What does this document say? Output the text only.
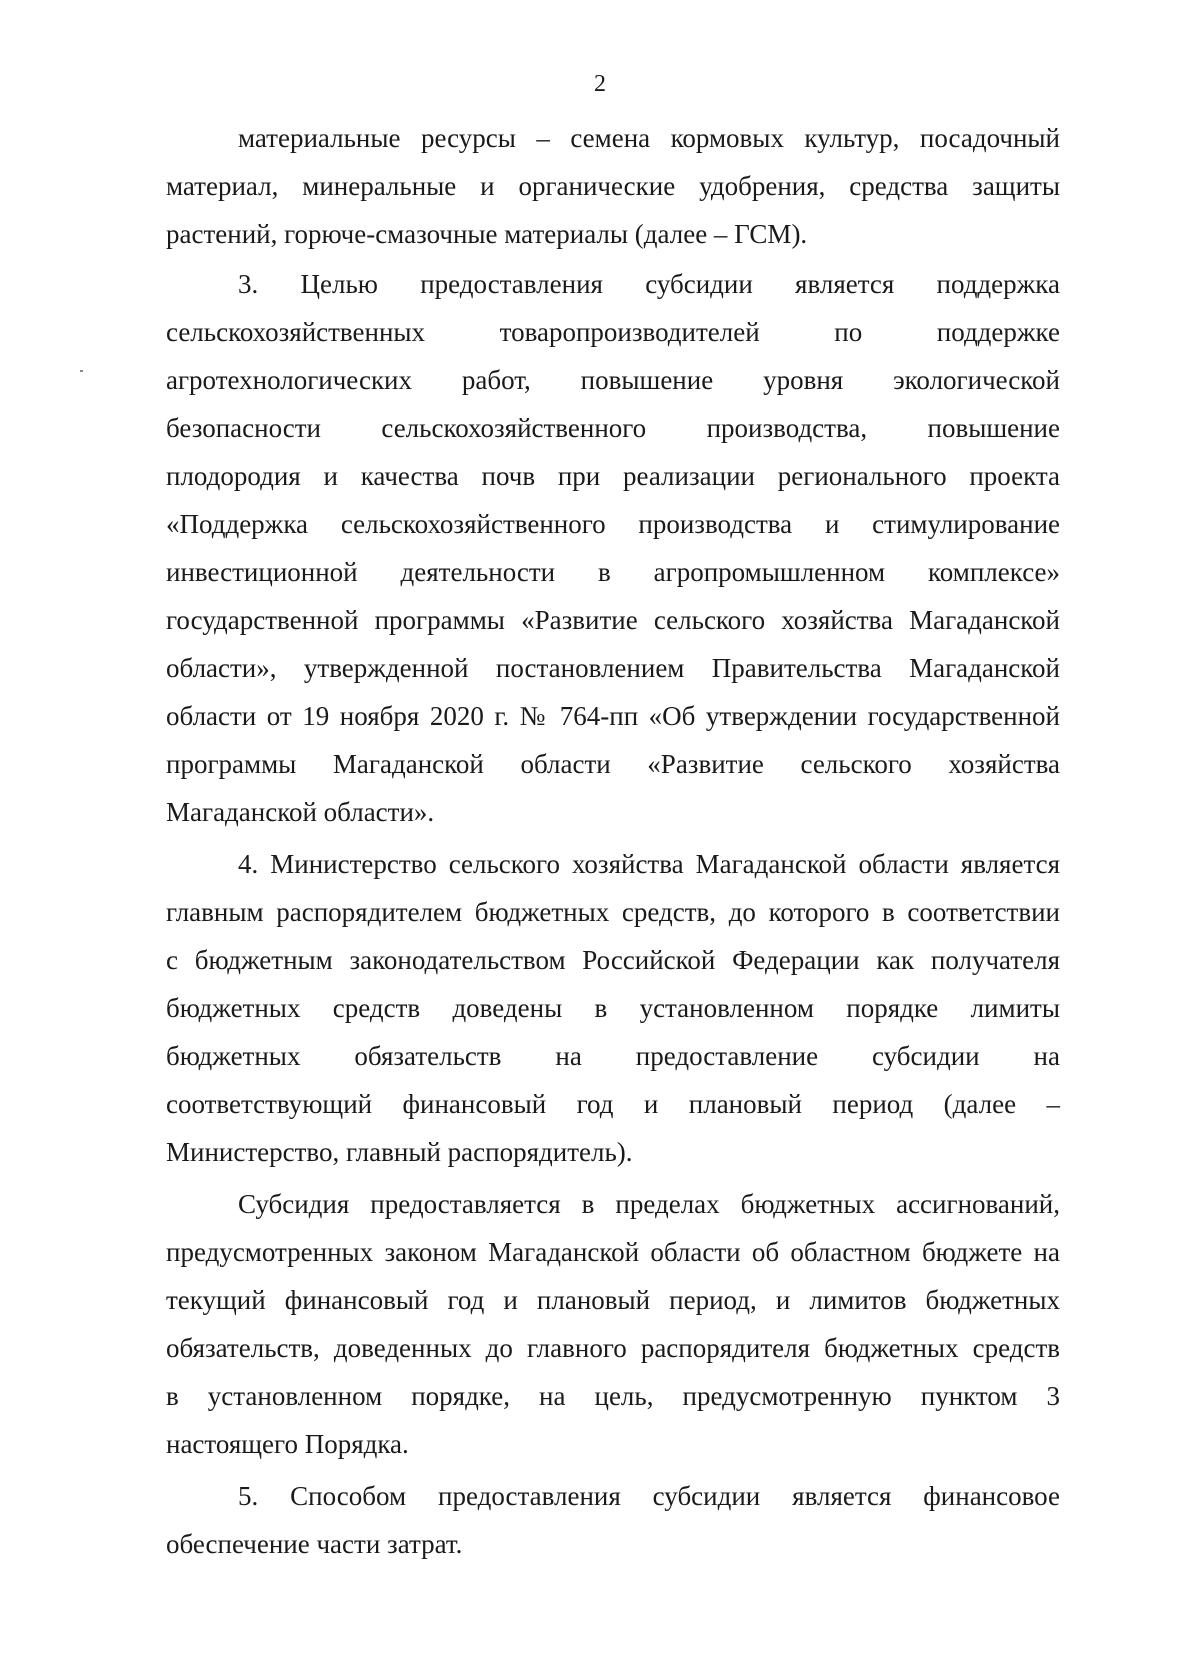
2
материальные ресурсы – семена кормовых культур, посадочный
материал, минеральные и органические удобрения, средства защиты
растений, горюче-смазочные материалы (далее – ГСМ).
3. Целью предоставления субсидии является поддержка
сельскохозяйственных товаропроизводителей по поддержке
агротехнологических работ, повышение уровня экологической
безопасности сельскохозяйственного производства, повышение
плодородия и качества почв при реализации регионального проекта
«Поддержка сельскохозяйственного производства и стимулирование
инвестиционной деятельности в агропромышленном комплексе»
государственной программы «Развитие сельского хозяйства Магаданской
области», утвержденной постановлением Правительства Магаданской
области от 19 ноября 2020 г. № 764-пп «Об утверждении государственной
программы Магаданской области «Развитие сельского хозяйства
Магаданской области».
4. Министерство сельского хозяйства Магаданской области является
главным распорядителем бюджетных средств, до которого в соответствии
с бюджетным законодательством Российской Федерации как получателя
бюджетных средств доведены в установленном порядке лимиты
бюджетных обязательств на предоставление субсидии на
соответствующий финансовый год и плановый период (далее –
Министерство, главный распорядитель).
Субсидия предоставляется в пределах бюджетных ассигнований,
предусмотренных законом Магаданской области об областном бюджете на
текущий финансовый год и плановый период, и лимитов бюджетных
обязательств, доведенных до главного распорядителя бюджетных средств
в установленном порядке, на цель, предусмотренную пунктом 3
настоящего Порядка.
5. Способом предоставления субсидии является финансовое
обеспечение части затрат.
